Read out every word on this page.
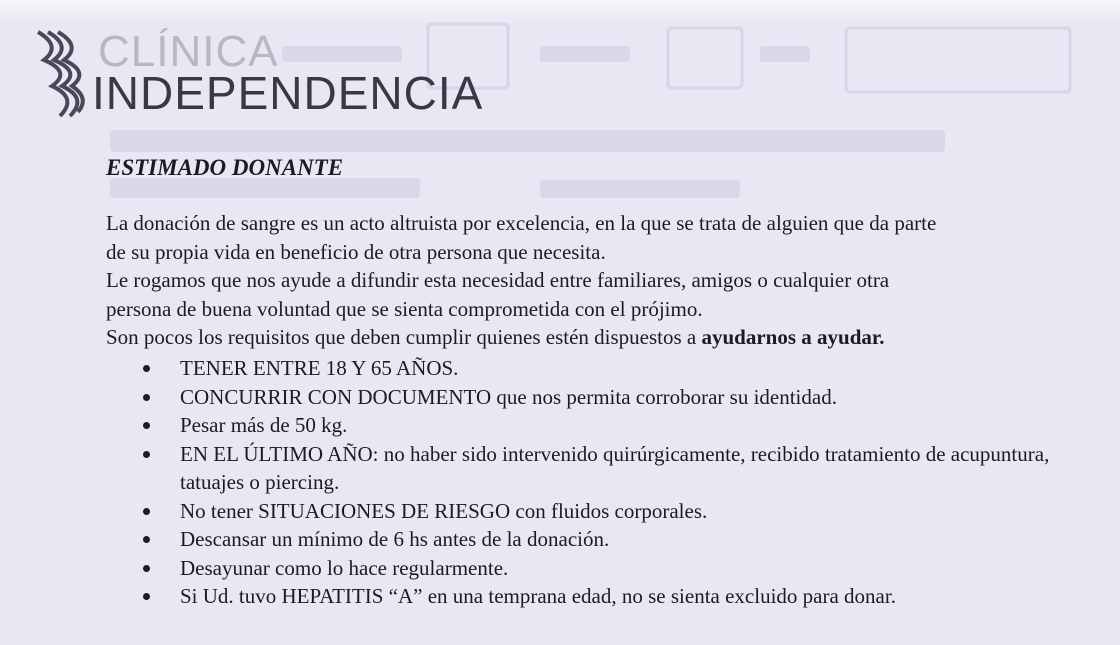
CLÍNICA
INDEPENDENCIA
ESTIMADO DONANTE
La donación de sangre es un acto altruista por excelencia, en la que se trata de alguien que da parte
de su propia vida en beneficio de otra persona que necesita.
Le rogamos que nos ayude a difundir esta necesidad entre familiares, amigos o cualquier otra
persona de buena voluntad que se sienta comprometida con el prójimo.
Son pocos los requisitos que deben cumplir quienes estén dispuestos a ayudarnos a ayudar.
TENER ENTRE 18 Y 65 AÑOS.
CONCURRIR CON DOCUMENTO que nos permita corroborar su identidad.
Pesar más de 50 kg.
EN EL ÚLTIMO AÑO: no haber sido intervenido quirúrgicamente, recibido tratamiento de acupuntura, tatuajes o piercing.
No tener SITUACIONES DE RIESGO con fluidos corporales.
Descansar un mínimo de 6 hs antes de la donación.
Desayunar como lo hace regularmente.
Si Ud. tuvo HEPATITIS “A” en una temprana edad, no se sienta excluido para donar.
